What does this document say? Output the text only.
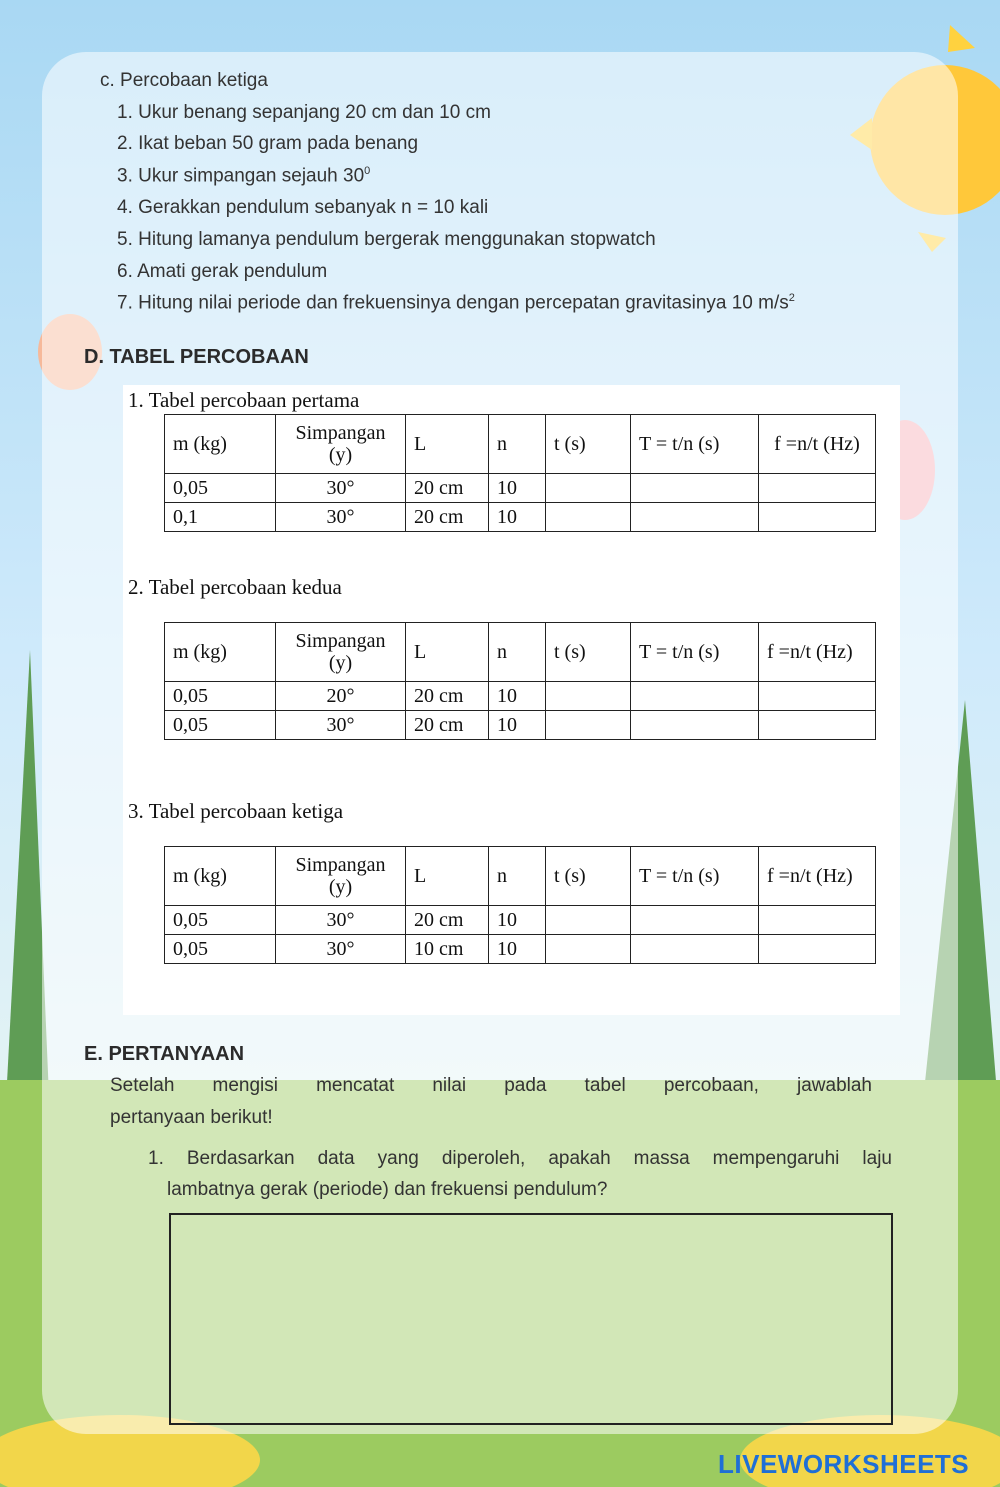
c. Percobaan ketiga
1. Ukur benang sepanjang 20 cm dan 10 cm
2. Ikat beban 50 gram pada benang
3. Ukur simpangan sejauh $30^0$
4. Gerakkan pendulum sebanyak n = 10 kali
5. Hitung lamanya pendulum bergerak menggunakan stopwatch
6. Amati gerak pendulum
7. Hitung nilai periode dan frekuensinya dengan percepatan gravitasinya 10 $m/s^2$
D. TABEL PERCOBAAN
1. Tabel percobaan pertama
m (kg)	Simpangan (y)	L	n	t (s)	T = t/n (s)	f =n/t (Hz)
0,05	30°	20 cm	10			
0,1	30°	20 cm	10			
2. Tabel percobaan kedua
m (kg)	Simpangan (y)	L	n	t (s)	T = t/n (s)	f =n/t (Hz)
0,05	20°	20 cm	10			
0,05	30°	20 cm	10			
3. Tabel percobaan ketiga
m (kg)	Simpangan (y)	L	n	t (s)	T = t/n (s)	f =n/t (Hz)
0,05	30°	20 cm	10			
0,05	30°	10 cm	10			
E. PERTANYAAN
Setelah mengisi mencatat nilai pada tabel percobaan, jawablah
pertanyaan berikut!
1. Berdasarkan data yang diperoleh, apakah massa mempengaruhi laju
lambatnya gerak (periode) dan frekuensi pendulum?
LIVEWORKSHEETS
